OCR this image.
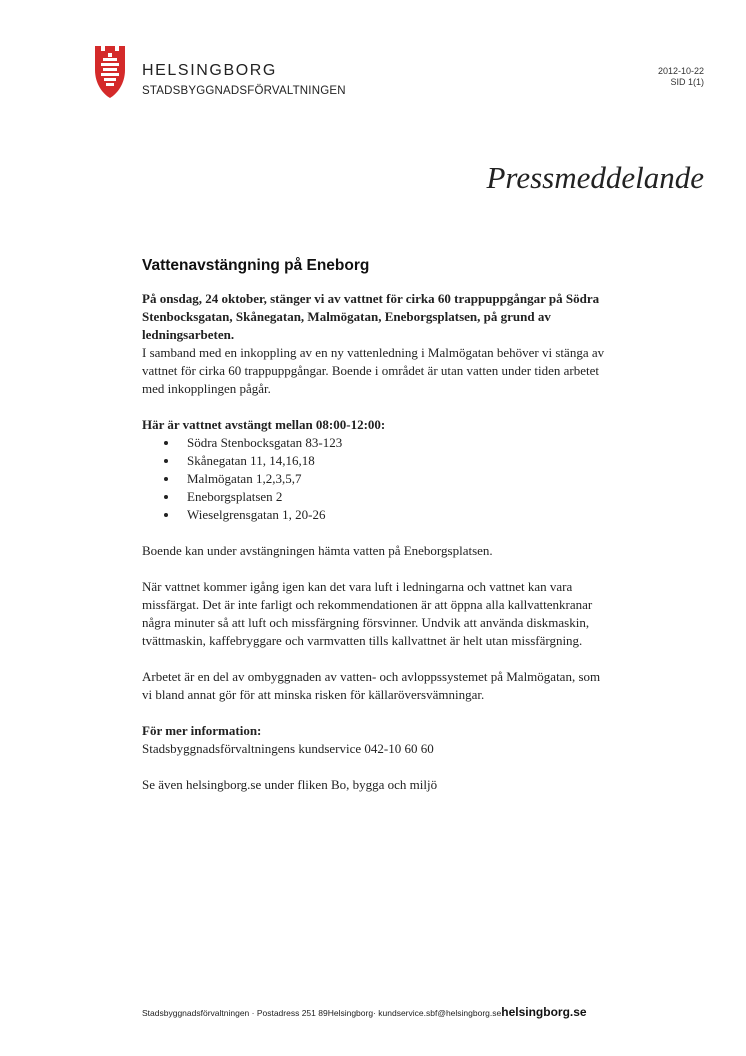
HELSINGBORG
STADSBYGGNADSFÖRVALTNINGEN
2012-10-22
SID 1(1)
Pressmeddelande
Vattenavstängning på Eneborg

På onsdag, 24 oktober, stänger vi av vattnet för cirka 60 trappuppgångar på Södra Stenbocksgatan, Skånegatan, Malmögatan, Eneborgsplatsen, på grund av ledningsarbeten.

I samband med en inkoppling av en ny vattenledning i Malmögatan behöver vi stänga av vattnet för cirka 60 trappuppgångar. Boende i området är utan vatten under tiden arbetet med inkopplingen pågår.

Här är vattnet avstängt mellan 08:00-12:00:

Södra Stenbocksgatan 83-123
Skånegatan 11, 14,16,18
Malmögatan 1,2,3,5,7
Eneborgsplatsen 2
Wieselgrensgatan 1, 20-26

Boende kan under avstängningen hämta vatten på Eneborgsplatsen.

När vattnet kommer igång igen kan det vara luft i ledningarna och vattnet kan vara missfärgat. Det är inte farligt och rekommendationen är att öppna alla kallvattenkranar några minuter så att luft och missfärgning försvinner. Undvik att använda diskmaskin, tvättmaskin, kaffebryggare och varmvatten tills kallvattnet är helt utan missfärgning.

Arbetet är en del av ombyggnaden av vatten- och avloppssystemet på Malmögatan, som vi bland annat gör för att minska risken för källaröversvämningar.

För mer information:

Stadsbyggnadsförvaltningens kundservice 042-10 60 60

Se även helsingborg.se under fliken Bo, bygga och miljö

Stadsbyggnadsförvaltningen · Postadress 251 89Helsingborg· kundservice.sbf@helsingborg.sehelsingborg.se
